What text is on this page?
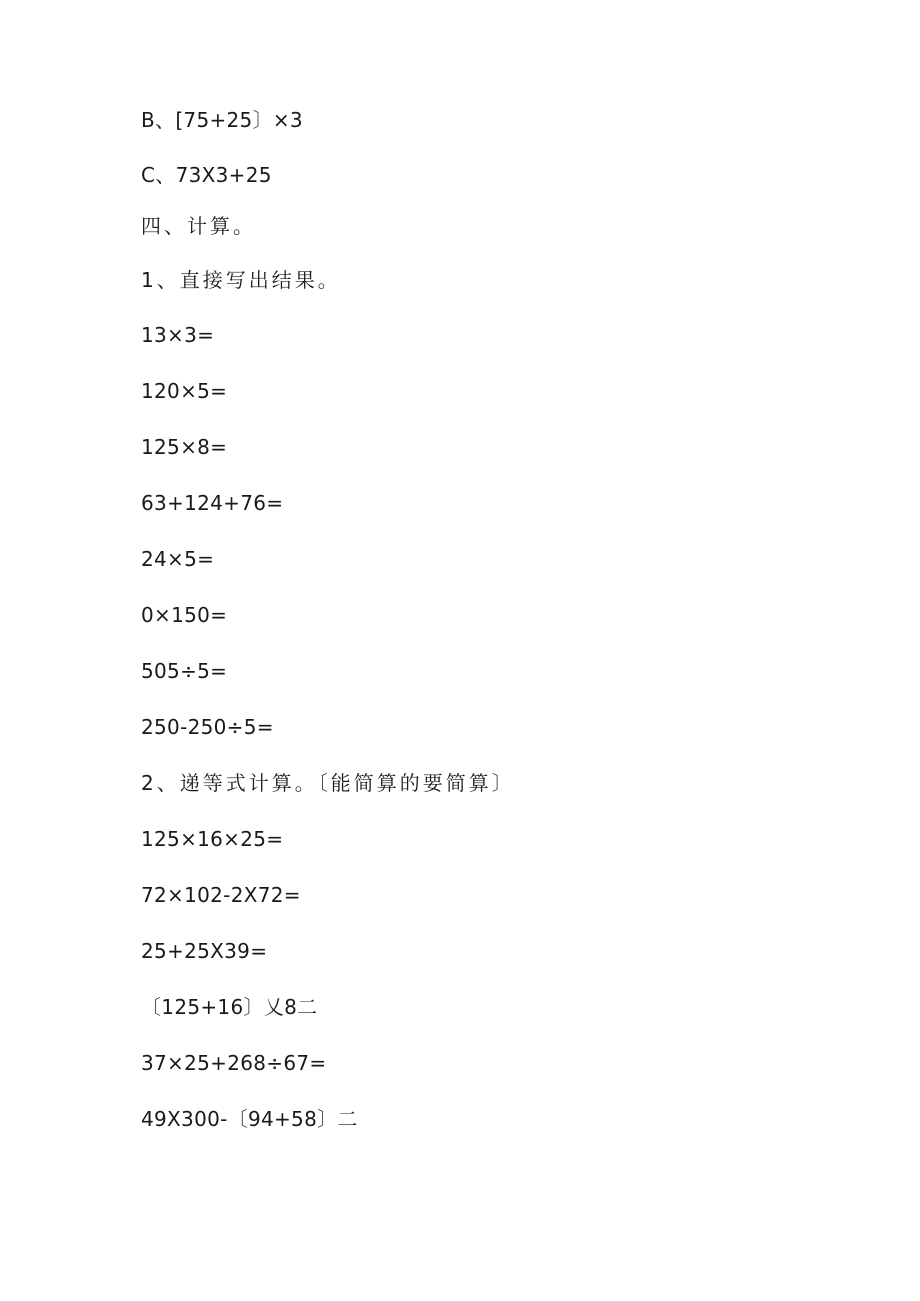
B、[75+25〕×3
C、73X3+25
四、计算。
1、直接写出结果。
13×3=
120×5=
125×8=
63+124+76=
24×5=
0×150=
505÷5=
250-250÷5=
2、递等式计算。〔能简算的要简算〕
125×16×25=
72×102-2X72=
25+25X39=
〔125+16〕乂8二
37×25+268÷67=
49X300-〔94+58〕二
